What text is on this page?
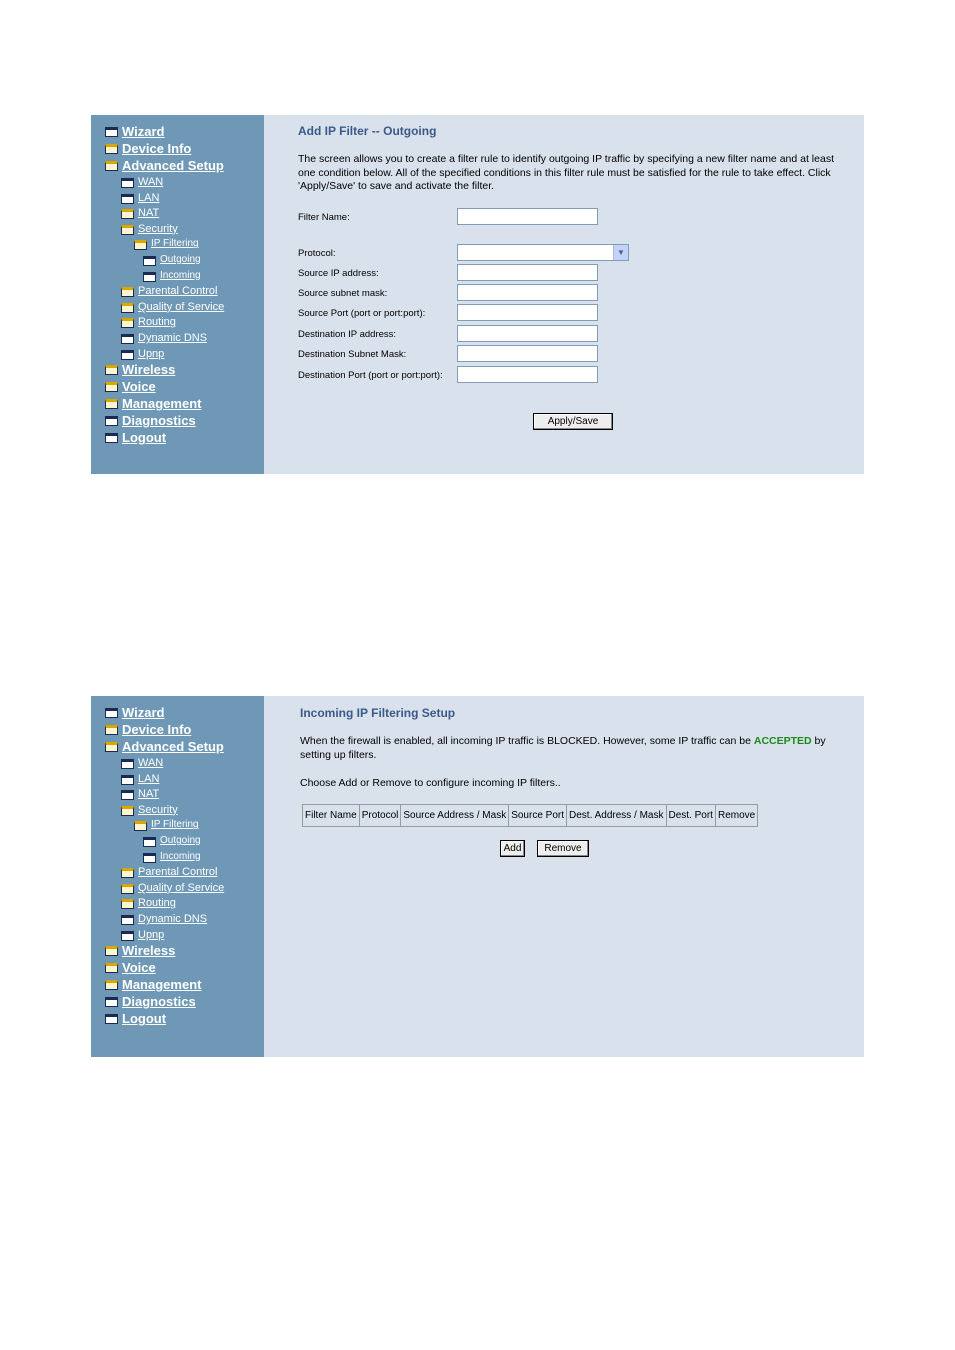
Wizard
Device Info
Advanced Setup
WAN
LAN
NAT
Security
IP Filtering
Outgoing
Incoming
Parental Control
Quality of Service
Routing
Dynamic DNS
Upnp
Wireless
Voice
Management
Diagnostics
Logout
Add IP Filter -- Outgoing

The screen allows you to create a filter rule to identify outgoing IP traffic by specifying a new filter name and at least one condition below. All of the specified conditions in this filter rule must be satisfied for the rule to take effect. Click 'Apply/Save' to save and activate the filter.

Filter Name:
Protocol:	▼
Source IP address:
Source subnet mask:
Source Port (port or port:port):
Destination IP address:
Destination Subnet Mask:
Destination Port (port or port:port):
Apply/Save
Wizard
Device Info
Advanced Setup
WAN
LAN
NAT
Security
IP Filtering
Outgoing
Incoming
Parental Control
Quality of Service
Routing
Dynamic DNS
Upnp
Wireless
Voice
Management
Diagnostics
Logout
Incoming IP Filtering Setup

When the firewall is enabled, all incoming IP traffic is BLOCKED. However, some IP traffic can be ACCEPTED by setting up filters.

Choose Add or Remove to configure incoming IP filters..

Filter Name	Protocol	Source Address / Mask	Source Port	Dest. Address / Mask	Dest. Port	Remove
Add	Remove
